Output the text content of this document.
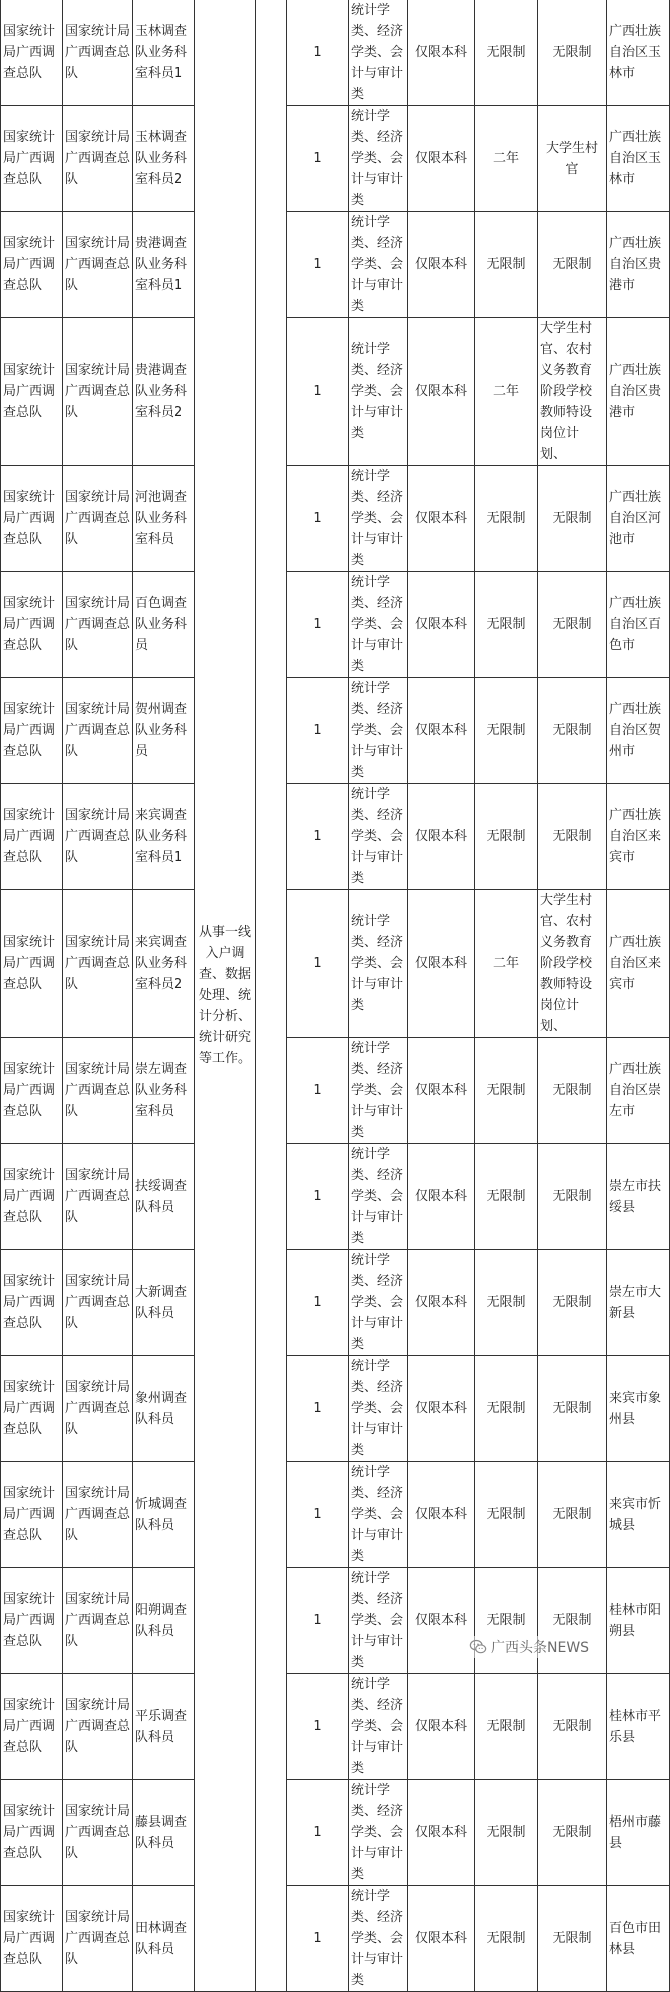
国家统计局广西调查总队	国家统计局广西调查总队	玉林调查队业务科室科员1	从事一线入户调查、数据处理、统计分析、统计研究等工作。		1	统计学类、经济学类、会计与审计类	仅限本科	无限制	无限制	广西壮族自治区玉林市
国家统计局广西调查总队	国家统计局广西调查总队	玉林调查队业务科室科员2			1	统计学类、经济学类、会计与审计类	仅限本科	二年	大学生村官	广西壮族自治区玉林市
国家统计局广西调查总队	国家统计局广西调查总队	贵港调查队业务科室科员1			1	统计学类、经济学类、会计与审计类	仅限本科	无限制	无限制	广西壮族自治区贵港市
国家统计局广西调查总队	国家统计局广西调查总队	贵港调查队业务科室科员2			1	统计学类、经济学类、会计与审计类	仅限本科	二年	大学生村官、农村义务教育阶段学校教师特设岗位计划、	广西壮族自治区贵港市
国家统计局广西调查总队	国家统计局广西调查总队	河池调查队业务科室科员			1	统计学类、经济学类、会计与审计类	仅限本科	无限制	无限制	广西壮族自治区河池市
国家统计局广西调查总队	国家统计局广西调查总队	百色调查队业务科员			1	统计学类、经济学类、会计与审计类	仅限本科	无限制	无限制	广西壮族自治区百色市
国家统计局广西调查总队	国家统计局广西调查总队	贺州调查队业务科员			1	统计学类、经济学类、会计与审计类	仅限本科	无限制	无限制	广西壮族自治区贺州市
国家统计局广西调查总队	国家统计局广西调查总队	来宾调查队业务科室科员1			1	统计学类、经济学类、会计与审计类	仅限本科	无限制	无限制	广西壮族自治区来宾市
国家统计局广西调查总队	国家统计局广西调查总队	来宾调查队业务科室科员2			1	统计学类、经济学类、会计与审计类	仅限本科	二年	大学生村官、农村义务教育阶段学校教师特设岗位计划、	广西壮族自治区来宾市
国家统计局广西调查总队	国家统计局广西调查总队	崇左调查队业务科室科员			1	统计学类、经济学类、会计与审计类	仅限本科	无限制	无限制	广西壮族自治区崇左市
国家统计局广西调查总队	国家统计局广西调查总队	扶绥调查队科员			1	统计学类、经济学类、会计与审计类	仅限本科	无限制	无限制	崇左市扶绥县
国家统计局广西调查总队	国家统计局广西调查总队	大新调查队科员			1	统计学类、经济学类、会计与审计类	仅限本科	无限制	无限制	崇左市大新县
国家统计局广西调查总队	国家统计局广西调查总队	象州调查队科员			1	统计学类、经济学类、会计与审计类	仅限本科	无限制	无限制	来宾市象州县
国家统计局广西调查总队	国家统计局广西调查总队	忻城调查队科员			1	统计学类、经济学类、会计与审计类	仅限本科	无限制	无限制	来宾市忻城县
国家统计局广西调查总队	国家统计局广西调查总队	阳朔调查队科员			1	统计学类、经济学类、会计与审计类	仅限本科	无限制	无限制	桂林市阳朔县
国家统计局广西调查总队	国家统计局广西调查总队	平乐调查队科员			1	统计学类、经济学类、会计与审计类	仅限本科	无限制	无限制	桂林市平乐县
国家统计局广西调查总队	国家统计局广西调查总队	藤县调查队科员			1	统计学类、经济学类、会计与审计类	仅限本科	无限制	无限制	梧州市藤县
国家统计局广西调查总队	国家统计局广西调查总队	田林调查队科员			1	统计学类、经济学类、会计与审计类	仅限本科	无限制	无限制	百色市田林县
广西头条NEWS
